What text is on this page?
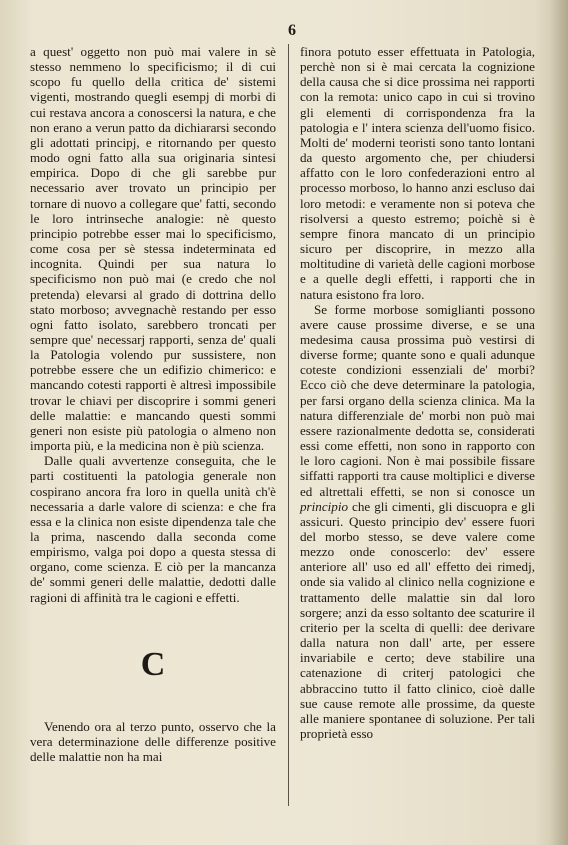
6

a quest' oggetto non può mai valere in sè stesso nemmeno lo specificismo; il di cui scopo fu quello della critica de' sistemi vigenti, mostrando quegli esempj di morbi di cui restava ancora a conoscersi la natura, e che non erano a verun patto da dichiararsi secondo gli adottati principj, e ritornando per questo modo ogni fatto alla sua originaria sintesi empirica. Dopo di che gli sarebbe pur necessario aver trovato un principio per tornare di nuovo a collegare que' fatti, secondo le loro intrinseche analogie: nè questo principio potrebbe esser mai lo specificismo, come cosa per sè stessa indeterminata ed incognita. Quindi per sua natura lo specificismo non può mai (e credo che nol pretenda) elevarsi al grado di dottrina dello stato morboso; avvegnachè restando per esso ogni fatto isolato, sarebbero troncati per sempre que' necessarj rapporti, senza de' quali la Patologia volendo pur sussistere, non potrebbe essere che un edifizio chimerico: e mancando cotesti rapporti è altresì impossibile trovar le chiavi per discoprire i sommi generi delle malattie: e mancando questi sommi generi non esiste più patologia o almeno non importa più, e la medicina non è più scienza.

Dalle quali avvertenze conseguita, che le parti costituenti la patologia generale non cospirano ancora fra loro in quella unità ch'è necessaria a darle valore di scienza: e che fra essa e la clinica non esiste dipendenza tale che la prima, nascendo dalla seconda come empirismo, valga poi dopo a questa stessa di organo, come scienza. E ciò per la mancanza de' sommi generi delle malattie, dedotti dalle ragioni di affinità tra le cagioni e effetti.

C

Venendo ora al terzo punto, osservo che la vera determinazione delle differenze positive delle malattie non ha mai

finora potuto esser effettuata in Patologia, perchè non si è mai cercata la cognizione della causa che si dice prossima nei rapporti con la remota: unico capo in cui si trovino gli elementi di corrispondenza fra la patologia e l' intera scienza dell'uomo fisico. Molti de' moderni teoristi sono tanto lontani da questo argomento che, per chiudersi affatto con le loro confederazioni entro al processo morboso, lo hanno anzi escluso dai loro metodi: e veramente non si poteva che risolversi a questo estremo; poichè si è sempre finora mancato di un principio sicuro per discoprire, in mezzo alla moltitudine di varietà delle cagioni morbose e a quelle degli effetti, i rapporti che in natura esistono fra loro.

Se forme morbose somiglianti possono avere cause prossime diverse, e se una medesima causa prossima può vestirsi di diverse forme; quante sono e quali adunque coteste condizioni essenziali de' morbi? Ecco ciò che deve determinare la patologia, per farsi organo della scienza clinica. Ma la natura differenziale de' morbi non può mai essere razionalmente dedotta se, considerati essi come effetti, non sono in rapporto con le loro cagioni. Non è mai possibile fissare siffatti rapporti tra cause moltiplici e diverse ed altrettali effetti, se non si conosce un principio che gli cimenti, gli discuopra e gli assicuri. Questo principio dev' essere fuori del morbo stesso, se deve valere come mezzo onde conoscerlo: dev' essere anteriore all' uso ed all' effetto dei rimedj, onde sia valido al clinico nella cognizione e trattamento delle malattie sin dal loro sorgere; anzi da esso soltanto dee scaturire il criterio per la scelta di quelli: dee derivare dalla natura non dall' arte, per essere invariabile e certo; deve stabilire una catenazione di criterj patologici che abbraccino tutto il fatto clinico, cioè dalle sue cause remote alle prossime, da queste alle maniere spontanee di soluzione. Per tali proprietà esso
